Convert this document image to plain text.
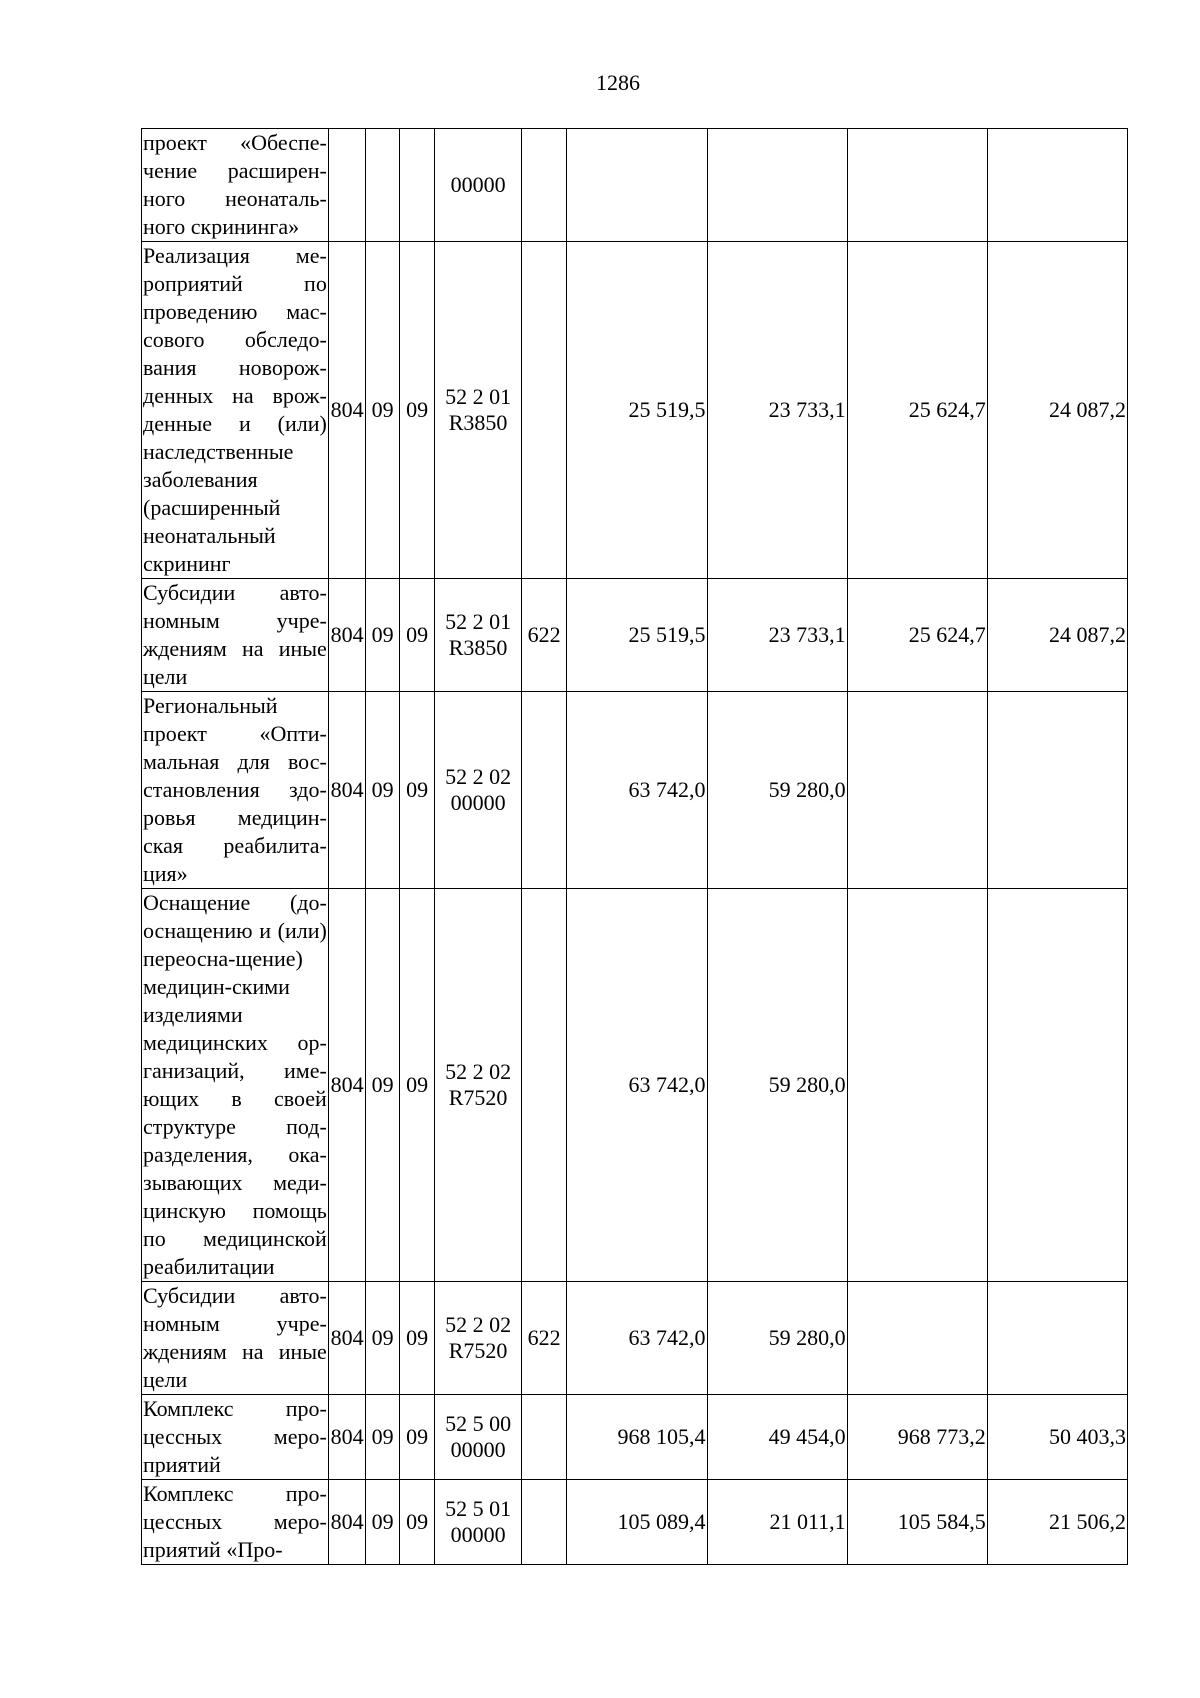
1286
проект «Обеспе-чение расширен-ного неонаталь-ного скрининга»				00000					
Реализация ме-роприятий по проведению мас-сового обследо-вания новорож-денных на врож-денные и (или) наследственные заболевания (расширенный неонатальный скрининг	804	09	09	52 2 01 R3850		25 519,5	23 733,1	25 624,7	24 087,2
Субсидии авто-номным учре-ждениям на иные цели	804	09	09	52 2 01 R3850	622	25 519,5	23 733,1	25 624,7	24 087,2
Региональный проект «Опти-мальная для вос-становления здо-ровья медицин-ская реабилита-ция»	804	09	09	52 2 02 00000		63 742,0	59 280,0		
Оснащение (до-оснащению и (или) переосна-щение) медицин-скими изделиями медицинских ор-ганизаций, име-ющих в своей структуре под-разделения, ока-зывающих меди-цинскую помощь по медицинской реабилитации	804	09	09	52 2 02 R7520		63 742,0	59 280,0		
Субсидии авто-номным учре-ждениям на иные цели	804	09	09	52 2 02 R7520	622	63 742,0	59 280,0		
Комплекс про-цессных меро-приятий	804	09	09	52 5 00 00000		968 105,4	49 454,0	968 773,2	50 403,3
Комплекс про-цессных меро-приятий «Про-	804	09	09	52 5 01 00000		105 089,4	21 011,1	105 584,5	21 506,2
